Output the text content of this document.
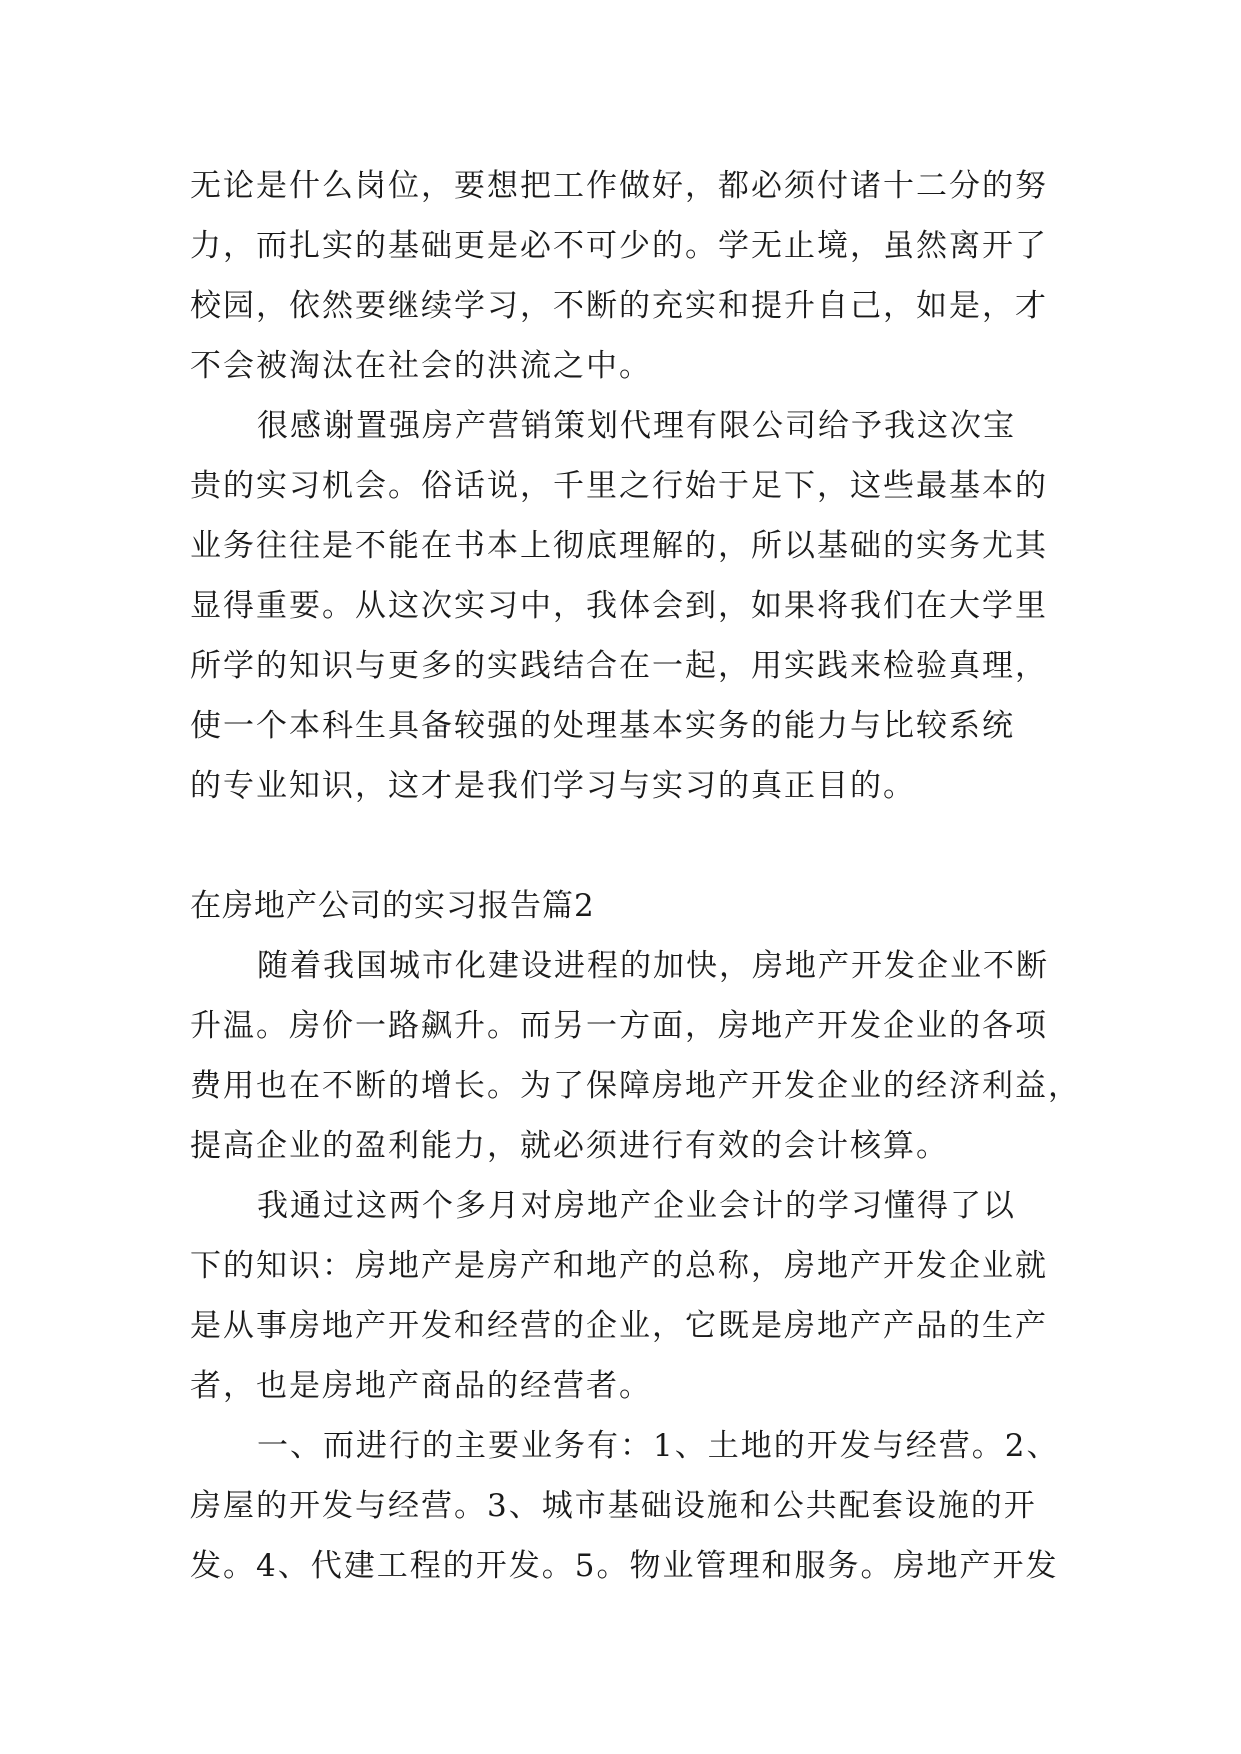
无论是什么岗位，要想把工作做好，都必须付诸十二分的努
力，而扎实的基础更是必不可少的。学无止境，虽然离开了
校园，依然要继续学习，不断的充实和提升自己，如是，才
不会被淘汰在社会的洪流之中。
很感谢置强房产营销策划代理有限公司给予我这次宝
贵的实习机会。俗话说，千里之行始于足下，这些最基本的
业务往往是不能在书本上彻底理解的，所以基础的实务尤其
显得重要。从这次实习中，我体会到，如果将我们在大学里
所学的知识与更多的实践结合在一起，用实践来检验真理，
使一个本科生具备较强的处理基本实务的能力与比较系统
的专业知识，这才是我们学习与实习的真正目的。
在房地产公司的实习报告篇2
随着我国城市化建设进程的加快，房地产开发企业不断
升温。房价一路飙升。而另一方面，房地产开发企业的各项
费用也在不断的增长。为了保障房地产开发企业的经济利益，
提高企业的盈利能力，就必须进行有效的会计核算。
我通过这两个多月对房地产企业会计的学习懂得了以
下的知识：房地产是房产和地产的总称，房地产开发企业就
是从事房地产开发和经营的企业，它既是房地产产品的生产
者，也是房地产商品的经营者。
一、而进行的主要业务有：1、土地的开发与经营。2、
房屋的开发与经营。3、城市基础设施和公共配套设施的开
发。4、代建工程的开发。5。物业管理和服务。房地产开发
